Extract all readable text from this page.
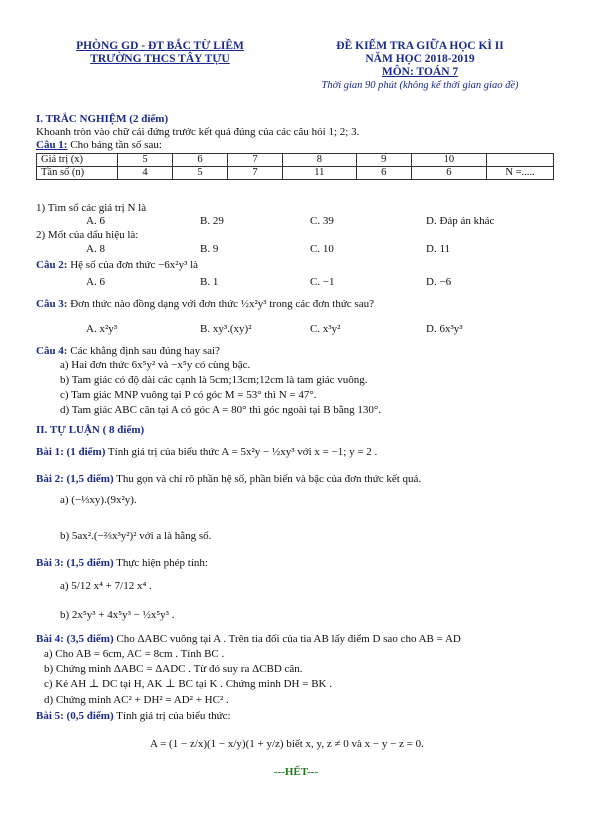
PHÒNG GD - ĐT BẮC TỪ LIÊM
TRƯỜNG THCS TÂY TỰU
ĐỀ KIỂM TRA GIỮA HỌC KÌ II
NĂM HỌC 2018-2019
MÔN: TOÁN 7
Thời gian 90 phút (không kể thời gian giao đề)
I. TRẮC NGHIỆM (2 điểm)
Khoanh tròn vào chữ cái đứng trước kết quả đúng của các câu hỏi 1; 2; 3.
Câu 1: Cho bảng tần số sau:
Giá trị (x)	5	6	7	8	9	10	
Tần số (n)	4	5	7	11	6	6	N =.....
1) Tìm số các giá trị N là
A. 6	B. 29	C. 39	D. Đáp án khác
2) Mốt của dấu hiệu là:
A. 8	B. 9	C. 10	D. 11
Câu 2: Hệ số của đơn thức −6x²y³ là
A. 6	B. 1	C. −1	D. −6
Câu 3: Đơn thức nào đồng dạng với đơn thức ½x²y³ trong các đơn thức sau?
A. x²y³	B. xy³.(xy)²	C. x³y²	D. 6x³y³
Câu 4: Các khẳng định sau đúng hay sai?
a) Hai đơn thức 6x⁵y² và −x⁵y có cùng bậc.
b) Tam giác có độ dài các cạnh là 5cm;13cm;12cm là tam giác vuông.
c) Tam giác MNP vuông tại P có góc M = 53° thì N = 47°.
d) Tam giác ABC cân tại A có góc A = 80° thì góc ngoài tại B bằng 130°.
II. TỰ LUẬN ( 8 điểm)
Bài 1: (1 điểm) Tính giá trị của biểu thức A = 5x²y − ½xy³ với x = −1; y = 2 .
Bài 2: (1,5 điểm) Thu gọn và chỉ rõ phần hệ số, phần biến và bậc của đơn thức kết quả.
a) (−⅓xy).(9x²y).
b) 5ax².(−⅔x³y²)² với a là hằng số.
Bài 3: (1,5 điểm) Thực hiện phép tính:
a) 5/12 x⁴ + 7/12 x⁴ .
b) 2x⁵y³ + 4x⁵y³ − ½x⁵y³ .
Bài 4: (3,5 điểm) Cho ΔABC vuông tại A . Trên tia đối của tia AB lấy điểm D sao cho AB = AD
a) Cho AB = 6cm, AC = 8cm . Tính BC .
b) Chứng minh ΔABC = ΔADC . Từ đó suy ra ΔCBD cân.
c) Kẻ AH ⊥ DC tại H, AK ⊥ BC tại K . Chứng minh DH = BK .
d) Chứng minh AC² + DH² = AD² + HC² .
Bài 5: (0,5 điểm) Tính giá trị của biểu thức:
A = (1 − z/x)(1 − x/y)(1 + y/z) biết x, y, z ≠ 0 và x − y − z = 0.
---HẾT---
